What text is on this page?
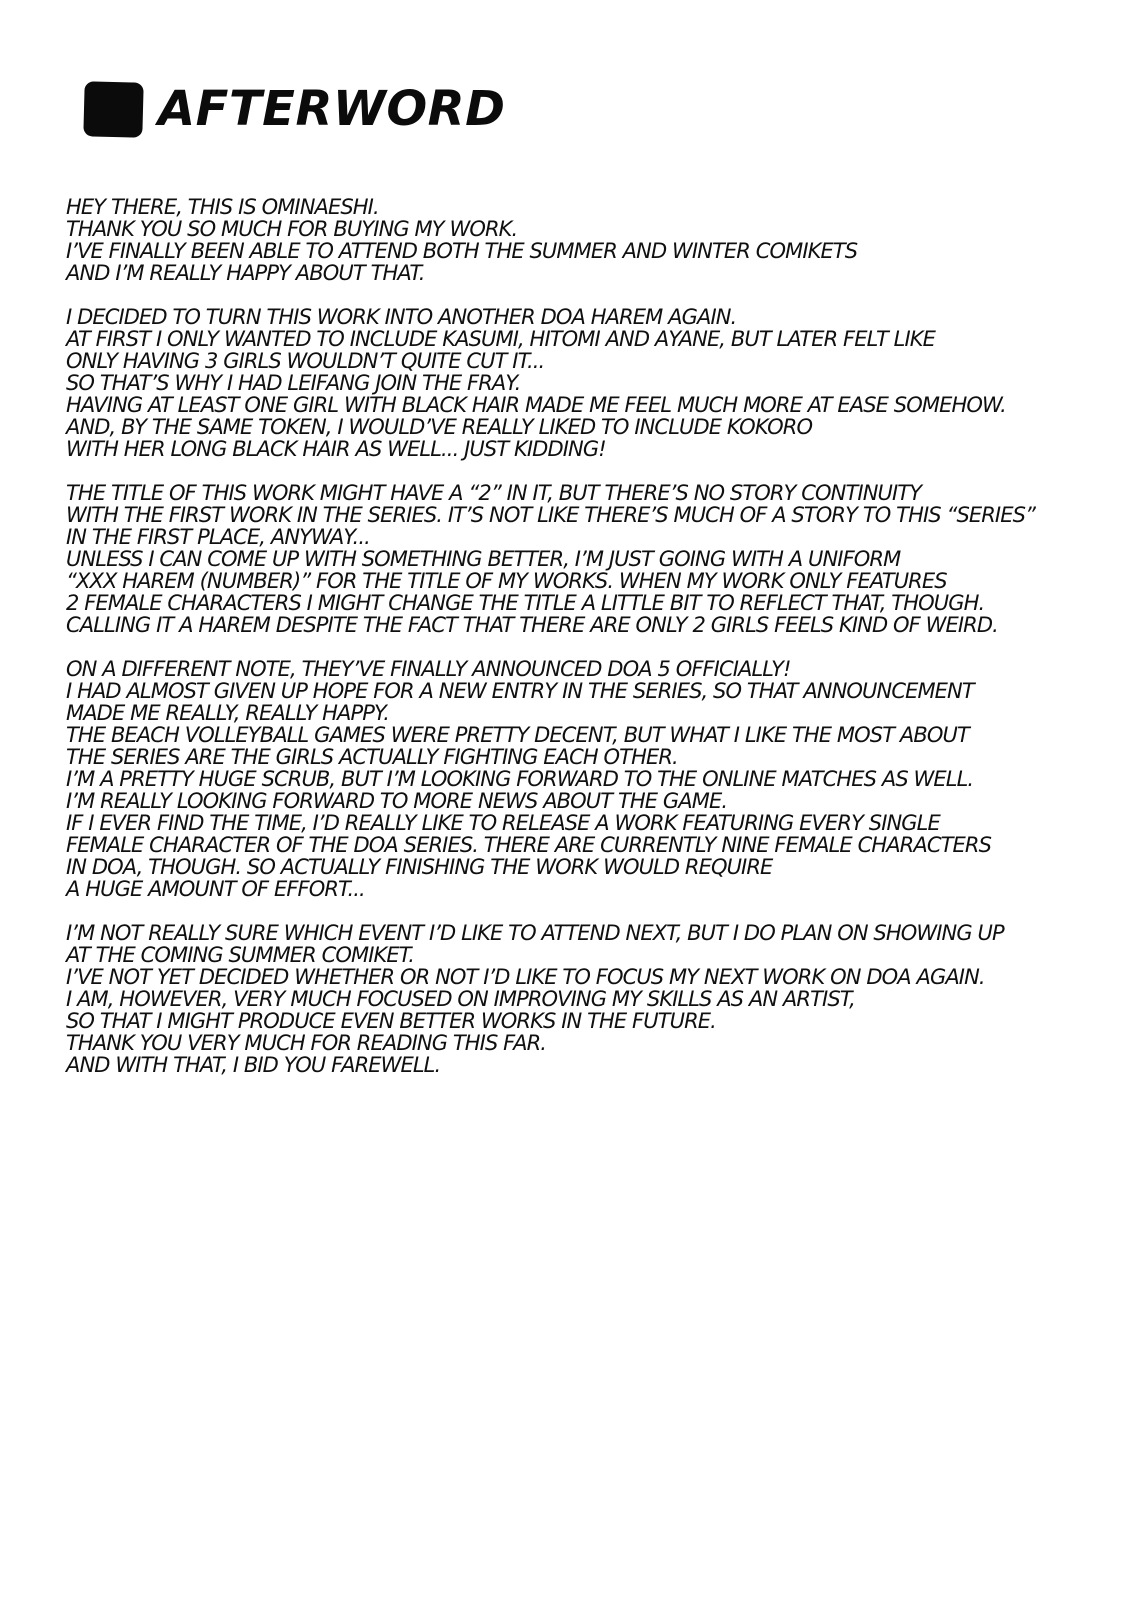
AFTERWORD
HEY THERE, THIS IS OMINAESHI.
THANK YOU SO MUCH FOR BUYING MY WORK.
I’VE FINALLY BEEN ABLE TO ATTEND BOTH THE SUMMER AND WINTER COMIKETS
AND I’M REALLY HAPPY ABOUT THAT.
I DECIDED TO TURN THIS WORK INTO ANOTHER DOA HAREM AGAIN.
AT FIRST I ONLY WANTED TO INCLUDE KASUMI, HITOMI AND AYANE, BUT LATER FELT LIKE
ONLY HAVING 3 GIRLS WOULDN’T QUITE CUT IT...
SO THAT’S WHY I HAD LEIFANG JOIN THE FRAY.
HAVING AT LEAST ONE GIRL WITH BLACK HAIR MADE ME FEEL MUCH MORE AT EASE SOMEHOW.
AND, BY THE SAME TOKEN, I WOULD’VE REALLY LIKED TO INCLUDE KOKORO
WITH HER LONG BLACK HAIR AS WELL... JUST KIDDING!
THE TITLE OF THIS WORK MIGHT HAVE A “2” IN IT, BUT THERE’S NO STORY CONTINUITY
WITH THE FIRST WORK IN THE SERIES. IT’S NOT LIKE THERE’S MUCH OF A STORY TO THIS “SERIES”
IN THE FIRST PLACE, ANYWAY...
UNLESS I CAN COME UP WITH SOMETHING BETTER, I’M JUST GOING WITH A UNIFORM
“XXX HAREM (NUMBER)” FOR THE TITLE OF MY WORKS. WHEN MY WORK ONLY FEATURES
2 FEMALE CHARACTERS I MIGHT CHANGE THE TITLE A LITTLE BIT TO REFLECT THAT, THOUGH.
CALLING IT A HAREM DESPITE THE FACT THAT THERE ARE ONLY 2 GIRLS FEELS KIND OF WEIRD.
ON A DIFFERENT NOTE, THEY’VE FINALLY ANNOUNCED DOA 5 OFFICIALLY!
I HAD ALMOST GIVEN UP HOPE FOR A NEW ENTRY IN THE SERIES, SO THAT ANNOUNCEMENT
MADE ME REALLY, REALLY HAPPY.
THE BEACH VOLLEYBALL GAMES WERE PRETTY DECENT, BUT WHAT I LIKE THE MOST ABOUT
THE SERIES ARE THE GIRLS ACTUALLY FIGHTING EACH OTHER.
I’M A PRETTY HUGE SCRUB, BUT I’M LOOKING FORWARD TO THE ONLINE MATCHES AS WELL.
I’M REALLY LOOKING FORWARD TO MORE NEWS ABOUT THE GAME.
IF I EVER FIND THE TIME, I’D REALLY LIKE TO RELEASE A WORK FEATURING EVERY SINGLE
FEMALE CHARACTER OF THE DOA SERIES. THERE ARE CURRENTLY NINE FEMALE CHARACTERS
IN DOA, THOUGH. SO ACTUALLY FINISHING THE WORK WOULD REQUIRE
A HUGE AMOUNT OF EFFORT...
I’M NOT REALLY SURE WHICH EVENT I’D LIKE TO ATTEND NEXT, BUT I DO PLAN ON SHOWING UP
AT THE COMING SUMMER COMIKET.
I’VE NOT YET DECIDED WHETHER OR NOT I’D LIKE TO FOCUS MY NEXT WORK ON DOA AGAIN.
I AM, HOWEVER, VERY MUCH FOCUSED ON IMPROVING MY SKILLS AS AN ARTIST,
SO THAT I MIGHT PRODUCE EVEN BETTER WORKS IN THE FUTURE.
THANK YOU VERY MUCH FOR READING THIS FAR.
AND WITH THAT, I BID YOU FAREWELL.
